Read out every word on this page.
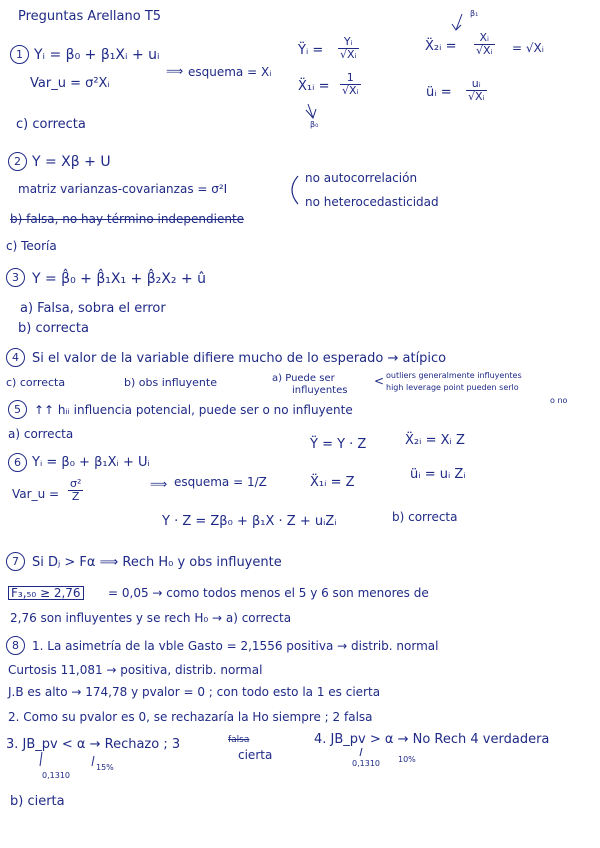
Preguntas Arellano T5
1 Yᵢ = β₀ + β₁Xᵢ + uᵢ
Var_u = σ²Xᵢ
⟹ esquema = Xᵢ
Ÿᵢ = $\frac{\text{Yᵢ}}{\text{√Xᵢ}}$
Ẍ₁ᵢ = $\frac{1}{\text{√Xᵢ}}$
β₀
β₁
Ẍ₂ᵢ = $\frac{\text{Xᵢ}}{\text{√Xᵢ}}$ = √Xᵢ
üᵢ = $\frac{\text{uᵢ}}{\text{√Xᵢ}}$
c) correcta
2 Y = Xβ + U
matriz varianzas-covarianzas = σ²I
no autocorrelación
no heterocedasticidad
b) falsa, no hay término independiente
c) Teoría
3 Y = β̂₀ + β̂₁X₁ + β̂₂X₂ + û
a) Falsa, sobra el error
b) correcta
4	Si el valor de la variable difiere mucho de lo esperado → atípico
c) correcta	b) obs influyente	a) Puede ser
influyentes
< outliers generalmente influyentes
high leverage point pueden serlo
o no
5	↑↑ hᵢᵢ influencia potencial, puede ser o no influyente
a) correcta
Ÿ = Y · Z	Ẍ₂ᵢ = Xᵢ Z
6 Yᵢ = β₀ + β₁Xᵢ + Uᵢ
Var_u = $\frac{\text{σ²}}{Z}$	⟹ esquema = 1/Z	Ẍ₁ᵢ = Z
üᵢ = uᵢ Zᵢ
Y · Z = Zβ₀ + β₁X · Z + uᵢZᵢ	b) correcta
7	Si Dⱼ > Fα ⟹ Rech H₀ y obs influyente
F₃,₅₀ ≥ 2,76 = 0,05 → como todos menos el 5 y 6 son menores de
2,76 son influyentes y se rech H₀ → a) correcta
8	1. La asimetría de la vble Gasto = 2,1556 positiva → distrib. normal
Curtosis 11,081 → positiva, distrib. normal
J.B es alto → 174,78 y pvalor = 0 ; con todo esto la 1 es cierta
2. Como su pvalor es 0, se rechazaría la Ho siempre ; 2 falsa
3. JB_pv < α → Rechazo ; 3	falsa
cierta
4. JB_pv > α → No Rech 4 verdadera
0,1310
15%	0,1310 10%
b) cierta
